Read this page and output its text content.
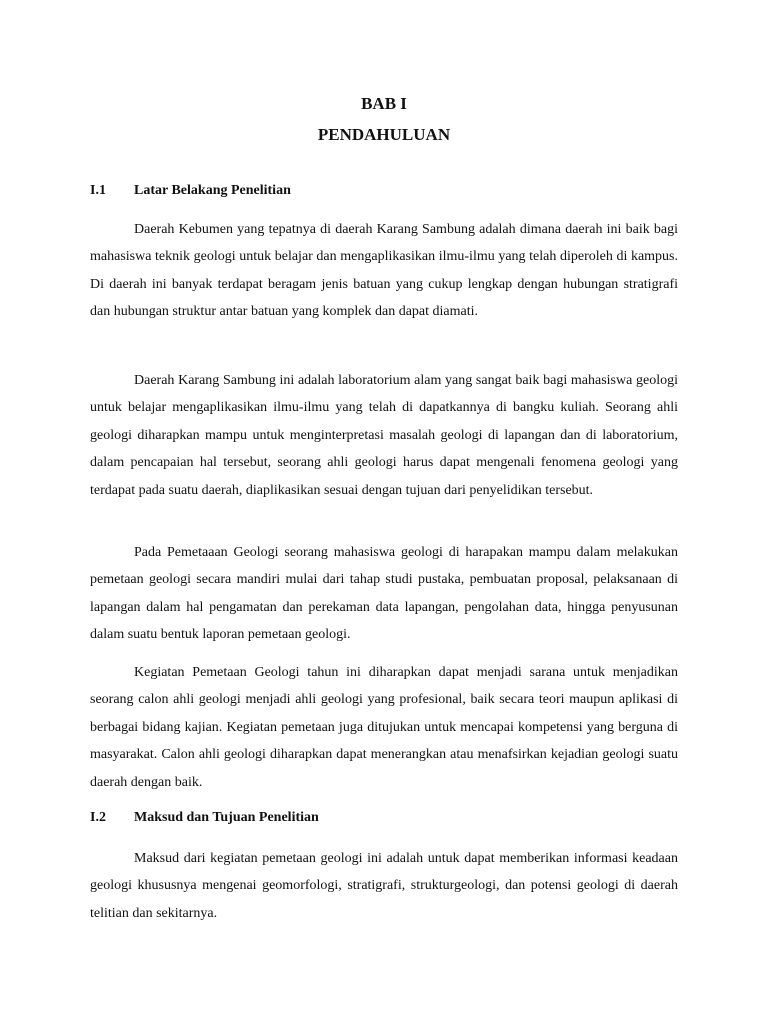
BAB I
PENDAHULUAN
I.1 Latar Belakang Penelitian

Daerah Kebumen yang tepatnya di daerah Karang Sambung adalah dimana daerah ini baik bagi mahasiswa teknik geologi untuk belajar dan mengaplikasikan ilmu-ilmu yang telah diperoleh di kampus. Di daerah ini banyak terdapat beragam jenis batuan yang cukup lengkap dengan hubungan stratigrafi dan hubungan struktur antar batuan yang komplek dan dapat diamati.

Daerah Karang Sambung ini adalah laboratorium alam yang sangat baik bagi mahasiswa geologi untuk belajar mengaplikasikan ilmu-ilmu yang telah di dapatkannya di bangku kuliah. Seorang ahli geologi diharapkan mampu untuk menginterpretasi masalah geologi di lapangan dan di laboratorium, dalam pencapaian hal tersebut, seorang ahli geologi harus dapat mengenali fenomena geologi yang terdapat pada suatu daerah, diaplikasikan sesuai dengan tujuan dari penyelidikan tersebut.

Pada Pemetaaan Geologi seorang mahasiswa geologi di harapakan mampu dalam melakukan pemetaan geologi secara mandiri mulai dari tahap studi pustaka, pembuatan proposal, pelaksanaan di lapangan dalam hal pengamatan dan perekaman data lapangan, pengolahan data, hingga penyusunan dalam suatu bentuk laporan pemetaan geologi.

Kegiatan Pemetaan Geologi tahun ini diharapkan dapat menjadi sarana untuk menjadikan seorang calon ahli geologi menjadi ahli geologi yang profesional, baik secara teori maupun aplikasi di berbagai bidang kajian. Kegiatan pemetaan juga ditujukan untuk mencapai kompetensi yang berguna di masyarakat. Calon ahli geologi diharapkan dapat menerangkan atau menafsirkan kejadian geologi suatu daerah dengan baik.

I.2 Maksud dan Tujuan Penelitian

Maksud dari kegiatan pemetaan geologi ini adalah untuk dapat memberikan informasi keadaan geologi khususnya mengenai geomorfologi, stratigrafi, strukturgeologi, dan potensi geologi di daerah telitian dan sekitarnya.
